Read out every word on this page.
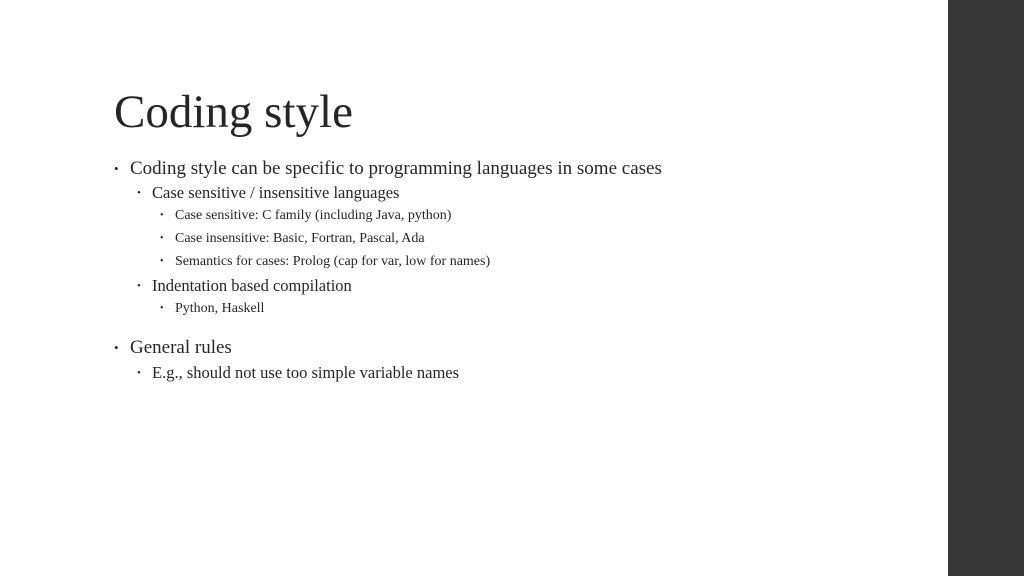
Coding style
• Coding style can be specific to programming languages in some cases
• Case sensitive / insensitive languages
• Case sensitive: C family (including Java, python)
• Case insensitive: Basic, Fortran, Pascal, Ada
• Semantics for cases: Prolog (cap for var, low for names)
• Indentation based compilation
• Python, Haskell
• General rules
• E.g., should not use too simple variable names
